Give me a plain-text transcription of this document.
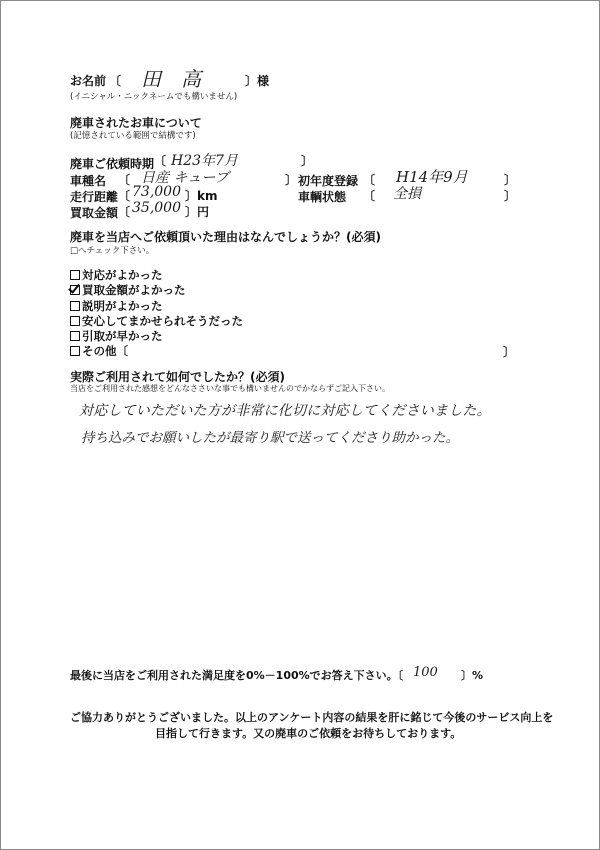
お名前 〔 田　高	〕様
(イニシャル・ニックネームでも構いません)
廃車されたお車について
(記憶されている範囲で結構です)
廃車ご依頼時期 〔 H23年7月	〕
車種名 〔 日産 キューブ	〕 初年度登録 〔 H14年9月	〕
走行距離 〔 73,000 〕km	車輌状態 〔 全損	〕
買取金額 〔 35,000 〕円
廃車を当店へご依頼頂いた理由はなんでしょうか？(必須)
□へチェック下さい。
対応がよかった
買取金額がよかった
説明がよかった
安心してまかせられそうだった
引取が早かった
その他〔	〕
実際ご利用されて如何でしたか？(必須)
当店をご利用された感想をどんなささいな事でも構いませんのでかならずご記入下さい。
対応していただいた方が非常に化切に対応してくださいました。
持ち込みでお願いしたが最寄り駅で送ってくださり助かった。
最後に当店をご利用された満足度を0%－100%でお答え下さい。〔 100 〕%
ご協力ありがとうございました。以上のアンケート内容の結果を肝に銘じて今後のサービス向上を
目指して行きます。又の廃車のご依頼をお待ちしております。
